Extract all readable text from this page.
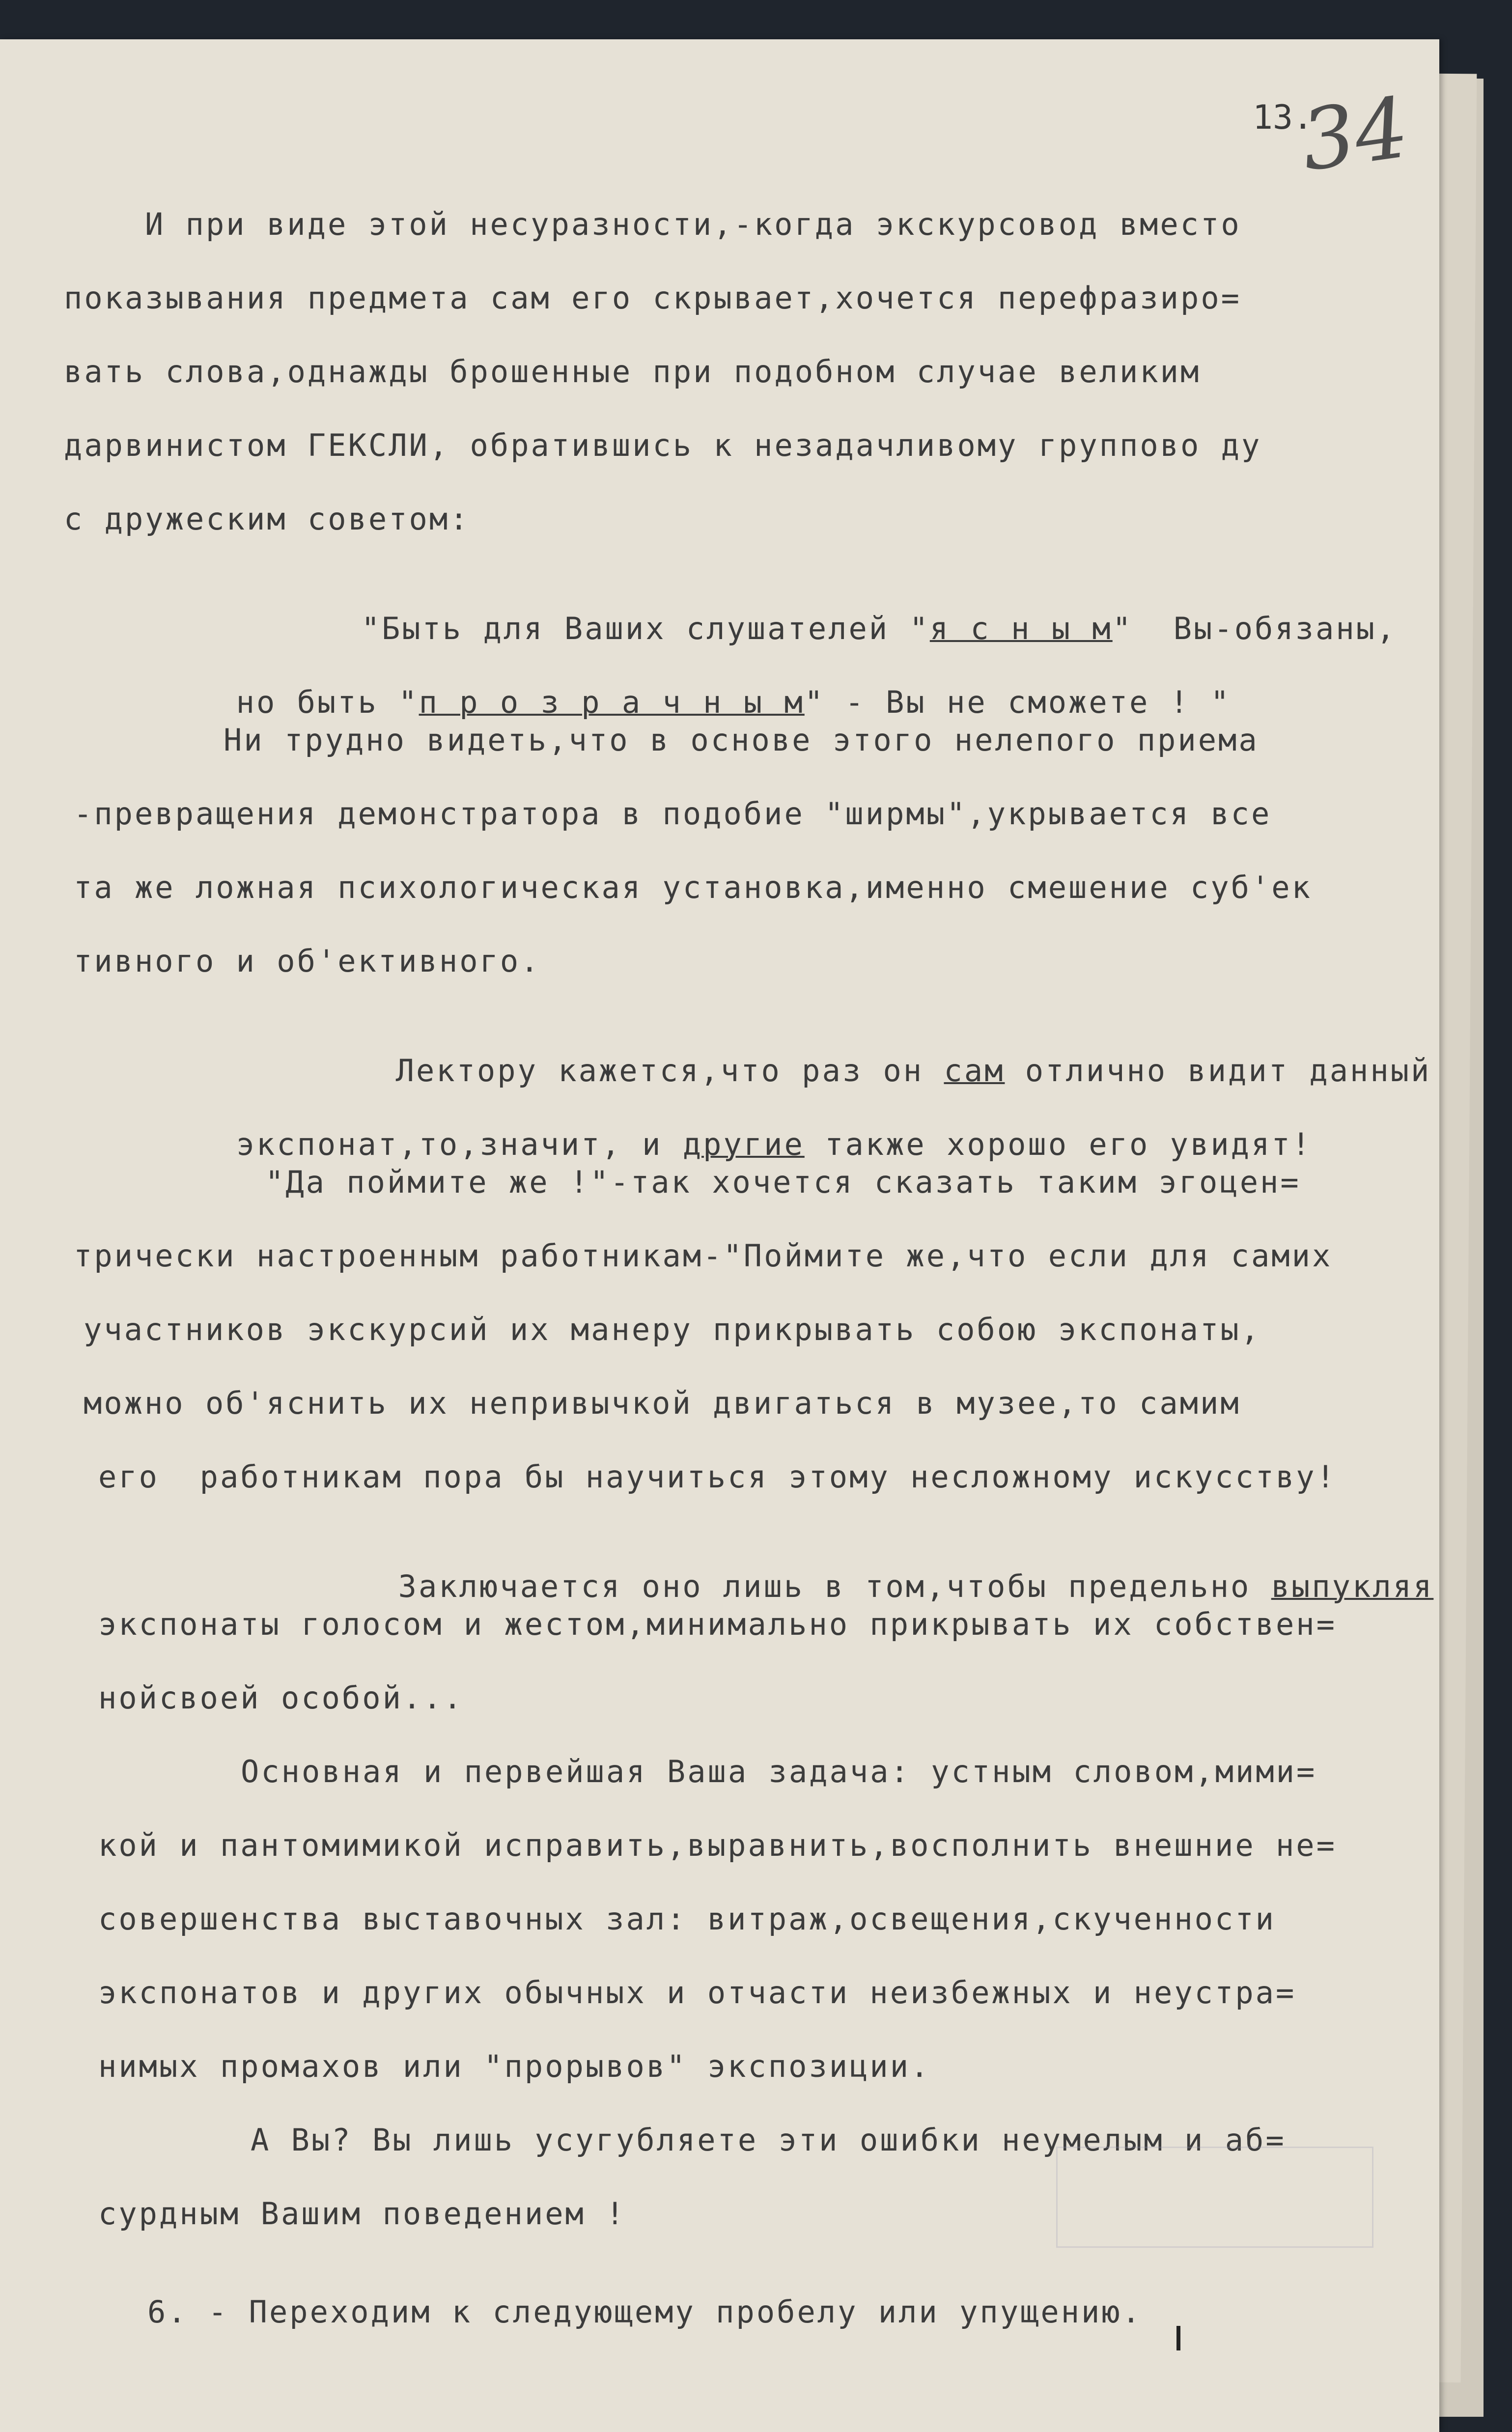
13.
34
И при виде этой несуразности,-когда экскурсовод вместо
показывания предмета сам его скрывает,хочется перефразиро=
вать слова,однажды брошенные при подобном случае великим
дарвинистом ГЕКСЛИ, обратившись к незадачливому группово ду
с дружеским советом:

"Быть для Ваших слушателей "я с н ы м"  Вы-обязаны,

но быть "п р о з р а ч н ы м" - Вы не сможете ! "

Ни трудно видеть,что в основе этого нелепого приема
-превращения демонстратора в подобие "ширмы",укрывается все
та же ложная психологическая установка,именно смешение суб'ек
тивного и об'ективного.

Лектору кажется,что раз он сам отлично видит данный

экспонат,то,значит, и другие также хорошо его увидят!

"Да поймите же !"-так хочется сказать таким эгоцен=
трически настроенным работникам-"Поймите же,что если для самих
участников экскурсий их манеру прикрывать собою экспонаты,
можно об'яснить их непривычкой двигаться в музее,то самим
его  работникам пора бы научиться этому несложному искусству!

Заключается оно лишь в том,чтобы предельно выпукляя

экспонаты голосом и жестом,минимально прикрывать их собствен=
нойсвоей особой...
Основная и первейшая Ваша задача: устным словом,мими=
кой и пантомимикой исправить,выравнить,восполнить внешние не=
совершенства выставочных зал: витраж,освещения,скученности
экспонатов и других обычных и отчасти неизбежных и неустра=
нимых промахов или "прорывов" экспозиции.
А Вы? Вы лишь усугубляете эти ошибки неумелым и аб=
сурдным Вашим поведением !
6. - Переходим к следующему пробелу или упущению.
